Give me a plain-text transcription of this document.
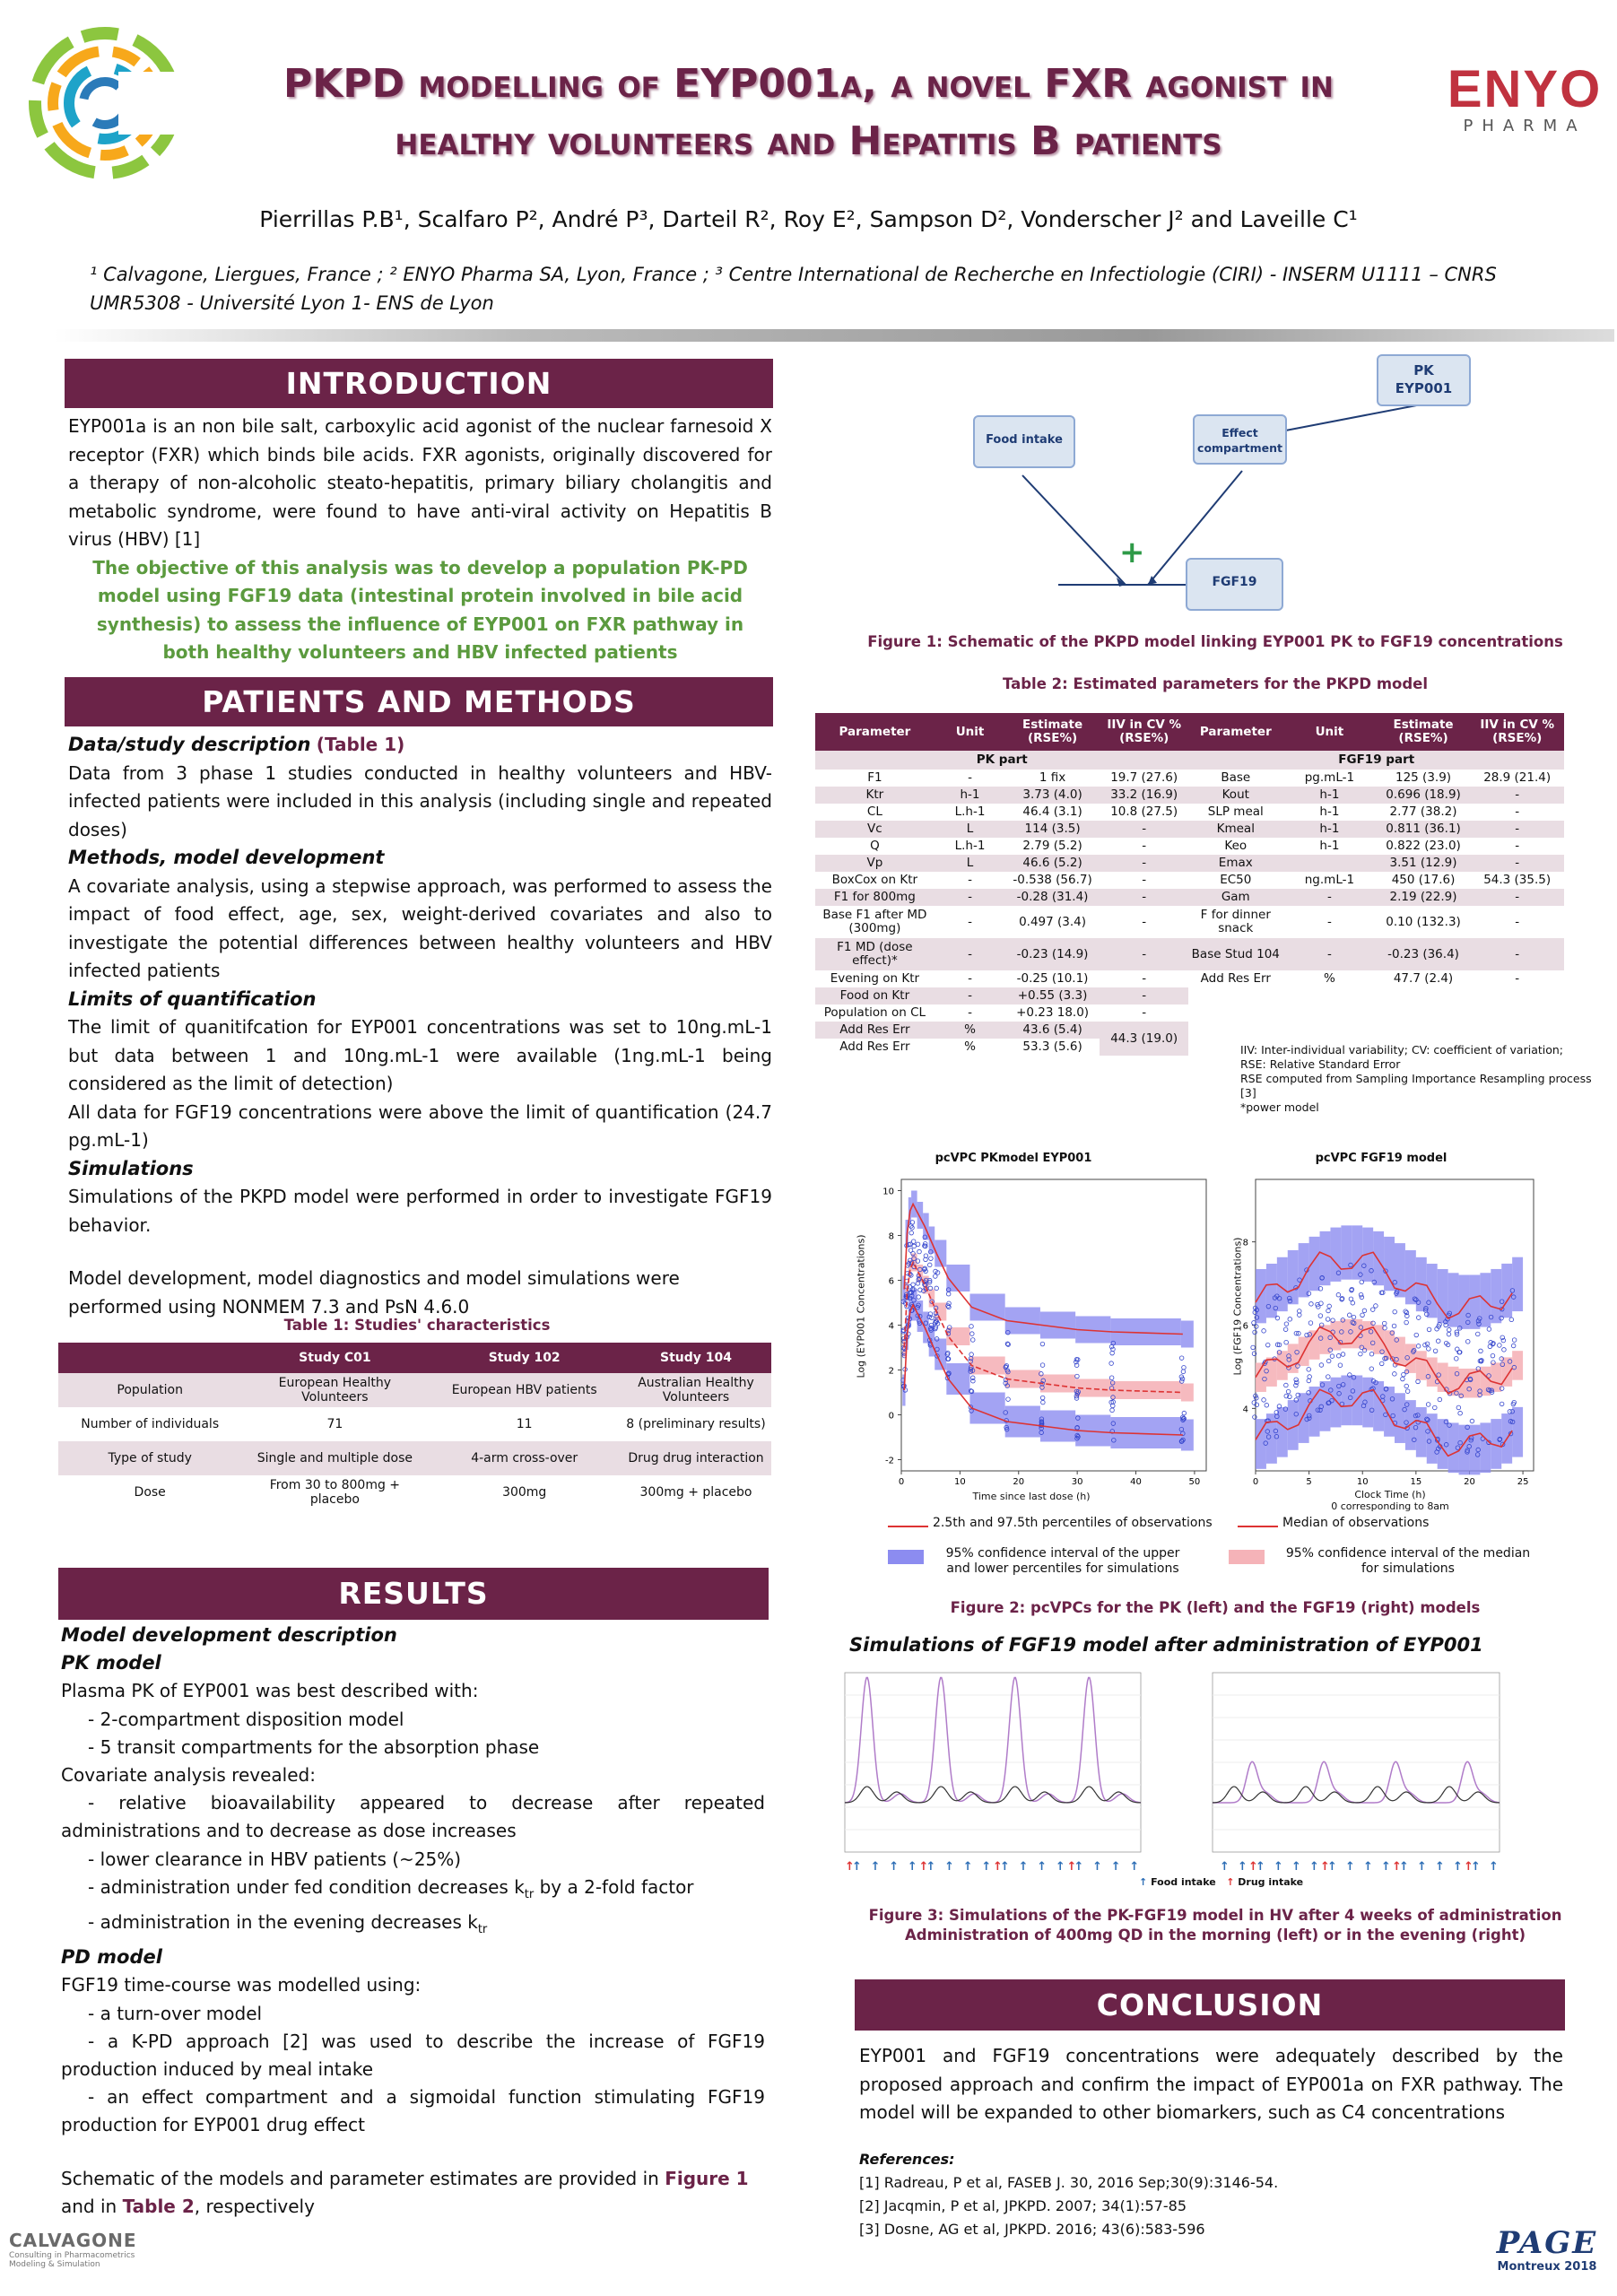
PKPD modelling of EYP001a, a novel FXR agonist in
healthy volunteers and Hepatitis B patients
ENYO
PHARMA
Pierrillas P.B¹, Scalfaro P², André P³, Darteil R², Roy E², Sampson D², Vonderscher J² and Laveille C¹
¹ Calvagone, Liergues, France ; ² ENYO Pharma SA, Lyon, France ; ³ Centre International de Recherche en Infectiologie (CIRI) - INSERM U1111 – CNRS
UMR5308 - Université Lyon 1- ENS de Lyon
INTRODUCTION

EYP001a is an non bile salt, carboxylic acid agonist of the nuclear farnesoid X receptor (FXR) which binds bile acids. FXR agonists, originally discovered for a therapy of non-alcoholic steato-hepatitis, primary biliary cholangitis and metabolic syndrome, were found to have anti-viral activity on Hepatitis B virus (HBV) [1]

The objective of this analysis was to develop a population PK-PD model using FGF19 data (intestinal protein involved in bile acid synthesis) to assess the influence of EYP001 on FXR pathway in both healthy volunteers and HBV infected patients

PATIENTS AND METHODS

Data/study description (Table 1)

Data from 3 phase 1 studies conducted in healthy volunteers and HBV-infected patients were included in this analysis (including single and repeated doses)

Methods, model development

A covariate analysis, using a stepwise approach, was performed to assess the impact of food effect, age, sex, weight-derived covariates and also to investigate the potential differences between healthy volunteers and HBV infected patients

Limits of quantification

The limit of quanitifcation for EYP001 concentrations was set to 10ng.mL-1 but data between 1 and 10ng.mL-1 were available (1ng.mL-1 being considered as the limit of detection)

All data for FGF19 concentrations were above the limit of quantification (24.7 pg.mL-1)

Simulations

Simulations of the PKPD model were performed in order to investigate FGF19 behavior.

Model development, model diagnostics and model simulations were performed using NONMEM 7.3 and PsN 4.6.0

Table 1: Studies' characteristics
	Study C01	Study 102	Study 104
Population	European Healthy Volunteers	European HBV patients	Australian Healthy Volunteers
Number of individuals	71	11	8 (preliminary results)
Type of study	Single and multiple dose	4-arm cross-over	Drug drug interaction
Dose	From 30 to 800mg + placebo	300mg	300mg + placebo
RESULTS

Model development description

PK model

Plasma PK of EYP001 was best described with:

- 2-compartment disposition model

- 5 transit compartments for the absorption phase

Covariate analysis revealed:

- relative bioavailability appeared to decrease after repeated administrations and to decrease as dose increases

- lower clearance in HBV patients (~25%)

- administration under fed condition decreases $k_{tr}$ by a 2-fold factor

- administration in the evening decreases $k_{tr}$

PD model

FGF19 time-course was modelled using:

- a turn-over model

- a K-PD approach [2] was used to describe the increase of FGF19 production induced by meal intake

- an effect compartment and a sigmoidal function stimulating FGF19 production for EYP001 drug effect

Schematic of the models and parameter estimates are provided in Figure 1 and in Table 2, respectively

PK
EYP001
Food intake
Effect
compartment
FGF19
+
Figure 1: Schematic of the PKPD model linking EYP001 PK to FGF19 concentrations
Table 2: Estimated parameters for the PKPD model
Parameter	Unit	Estimate (RSE%)	IIV in CV % (RSE%)	Parameter	Unit	Estimate (RSE%)	IIV in CV % (RSE%)
PK part				FGF19 part			
F1	-	1 fix	19.7 (27.6)	Base	pg.mL-1	125 (3.9)	28.9 (21.4)
Ktr	h-1	3.73 (4.0)	33.2 (16.9)	Kout	h-1	0.696 (18.9)	-
CL	L.h-1	46.4 (3.1)	10.8 (27.5)	SLP meal	h-1	2.77 (38.2)	-
Vc	L	114 (3.5)	-	Kmeal	h-1	0.811 (36.1)	-
Q	L.h-1	2.79 (5.2)	-	Keo	h-1	0.822 (23.0)	-
Vp	L	46.6 (5.2)	-	Emax		3.51 (12.9)	-
BoxCox on Ktr	-	-0.538 (56.7)	-	EC50	ng.mL-1	450 (17.6)	54.3 (35.5)
F1 for 800mg	-	-0.28 (31.4)	-	Gam	-	2.19 (22.9)	-
Base F1 after MD (300mg)	-	0.497 (3.4)	-	F for dinner snack	-	0.10 (132.3)	-
F1 MD (dose effect)*	-	-0.23 (14.9)	-	Base Stud 104	-	-0.23 (36.4)	-
Evening on Ktr	-	-0.25 (10.1)	-	Add Res Err	%	47.7 (2.4)	-
Food on Ktr	-	+0.55 (3.3)	-				
Population on CL	-	+0.23 18.0)	-				
Add Res Err	%	43.6 (5.4)	44.3 (19.0)				
Add Res Err	%	53.3 (5.6)						IIV: Inter-individual variability; CV: coefficient of variation;
RSE: Relative Standard Error
RSE computed from Sampling Importance Resampling process [3]
*power model
pcVPC PKmodel EYP001	pcVPC FGF19 model
-2
0
2
4
6
8
10
0	10	20	30	40	50
4
6
8
0	5	10	15	20	25
Log (EYP001 Concentrations)	Log (FGF19 Concentrations)
Time since last dose (h)	Clock Time (h)
0 corresponding to 8am
2.5th and 97.5th percentiles of observations	Median of observations
95% confidence interval of the upper and lower percentiles for simulations
95% confidence interval of the median for simulations
Figure 2: pcVPCs for the PK (left) and the FGF19 (right) models
Simulations of FGF19 model after administration of EYP001
↑
↑ ↑ ↑ ↑ ↑
↑ ↑ ↑ ↑ ↑
↑ ↑ ↑ ↑ ↑
↑ ↑ ↑ ↑	↑ ↑ ↑
↑ ↑ ↑ ↑ ↑
↑ ↑ ↑ ↑ ↑
↑ ↑ ↑ ↑ ↑
↑ ↑
↑ Food intake ↑ Drug intake
Figure 3: Simulations of the PK-FGF19 model in HV after 4 weeks of administration
Administration of 400mg QD in the morning (left) or in the evening (right)
CONCLUSION
EYP001 and FGF19 concentrations were adequately described by the proposed approach and confirm the impact of EYP001a on FXR pathway. The model will be expanded to other biomarkers, such as C4 concentrations
References:
[1] Radreau, P et al, FASEB J. 30, 2016 Sep;30(9):3146-54.
[2] Jacqmin, P et al, JPKPD. 2007; 34(1):57-85
[3] Dosne, AG et al, JPKPD. 2016; 43(6):583-596
CALVAGONE
Consulting in Pharmacometrics
Modeling & Simulation
PAGE
Montreux 2018
